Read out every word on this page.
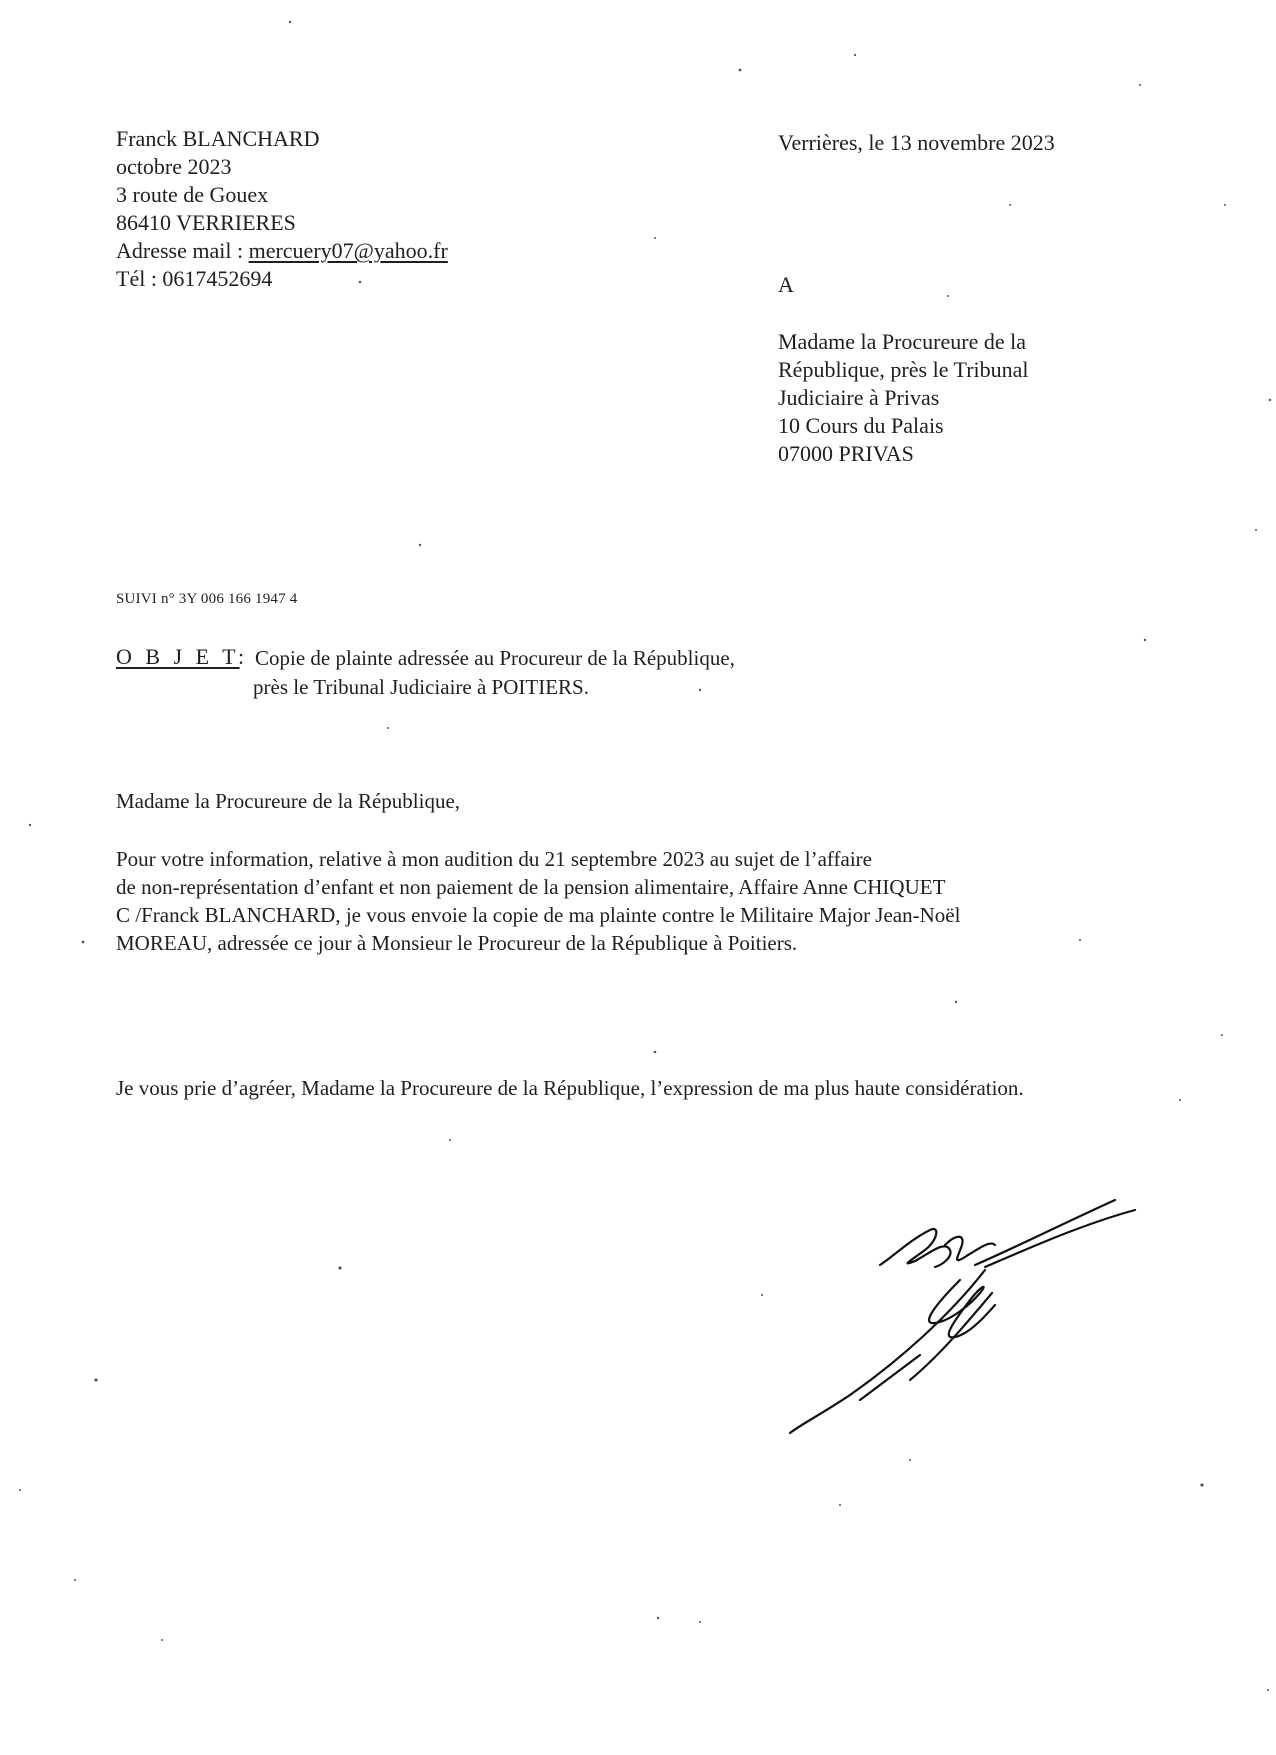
Franck BLANCHARD
octobre 2023
3 route de Gouex
86410 VERRIERES
Adresse mail : mercuery07@yahoo.fr
Tél : 0617452694
Verrières, le 13 novembre 2023
A
Madame la Procureure de la
République, près le Tribunal
Judiciaire à Privas
10 Cours du Palais
07000 PRIVAS
SUIVI n° 3Y 006 166 1947 4
O B J E T
: Copie de plainte adressée au Procureur de la République,
près le Tribunal Judiciaire à POITIERS.
Madame la Procureure de la République,
Pour votre information, relative à mon audition du 21 septembre 2023 au sujet de l’affaire
de non-représentation d’enfant et non paiement de la pension alimentaire, Affaire Anne CHIQUET
C /Franck BLANCHARD, je vous envoie la copie de ma plainte contre le Militaire Major Jean-Noël
MOREAU, adressée ce jour à Monsieur le Procureur de la République à Poitiers.
Je vous prie d’agréer, Madame la Procureure de la République, l’expression de ma plus haute considération.
